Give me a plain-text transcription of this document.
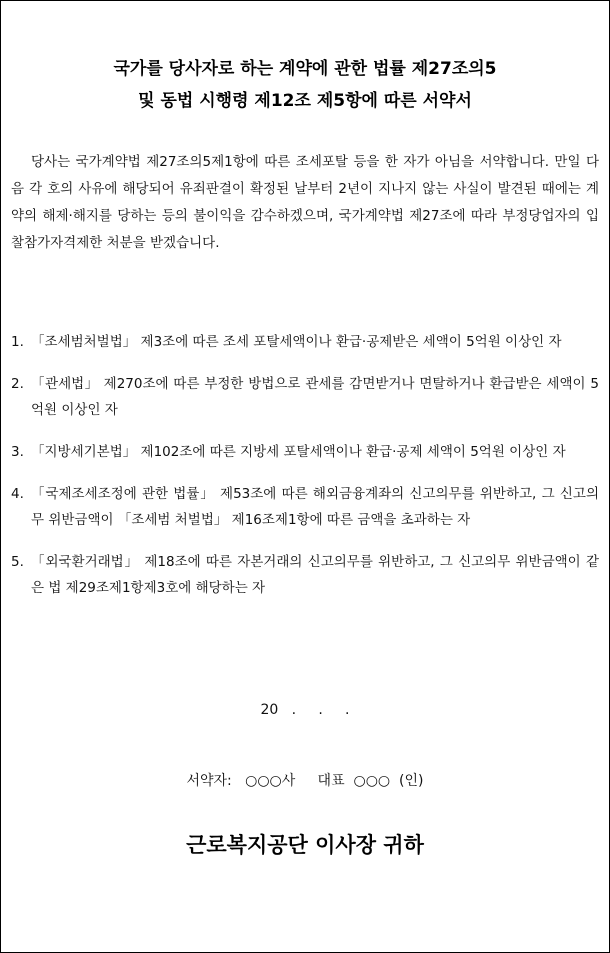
국가를 당사자로 하는 계약에 관한 법률 제27조의5
및 동법 시행령 제12조 제5항에 따른 서약서
당사는 국가계약법 제27조의5제1항에 따른 조세포탈 등을 한 자가 아님을 서약합니다. 만일 다음 각 호의 사유에 해당되어 유죄판결이 확정된 날부터 2년이 지나지 않는 사실이 발견된 때에는 계약의 해제·해지를 당하는 등의 불이익을 감수하겠으며, 국가계약법 제27조에 따라 부정당업자의 입찰참가자격제한 처분을 받겠습니다.
1. 「조세범처벌법」 제3조에 따른 조세 포탈세액이나 환급·공제받은 세액이 5억원 이상인 자
2. 「관세법」 제270조에 따른 부정한 방법으로 관세를 감면받거나 면탈하거나 환급받은 세액이 5억원 이상인 자
3. 「지방세기본법」 제102조에 따른 지방세 포탈세액이나 환급·공제 세액이 5억원 이상인 자
4. 「국제조세조정에 관한 법률」 제53조에 따른 해외금융계좌의 신고의무를 위반하고, 그 신고의무 위반금액이 「조세범 처벌법」 제16조제1항에 따른 금액을 초과하는 자
5. 「외국환거래법」 제18조에 따른 자본거래의 신고의무를 위반하고, 그 신고의무 위반금액이 같은 법 제29조제1항제3호에 해당하는 자
20   .     .     .
서약자:   ○○○사     대표  ○○○  (인)
근로복지공단 이사장 귀하
